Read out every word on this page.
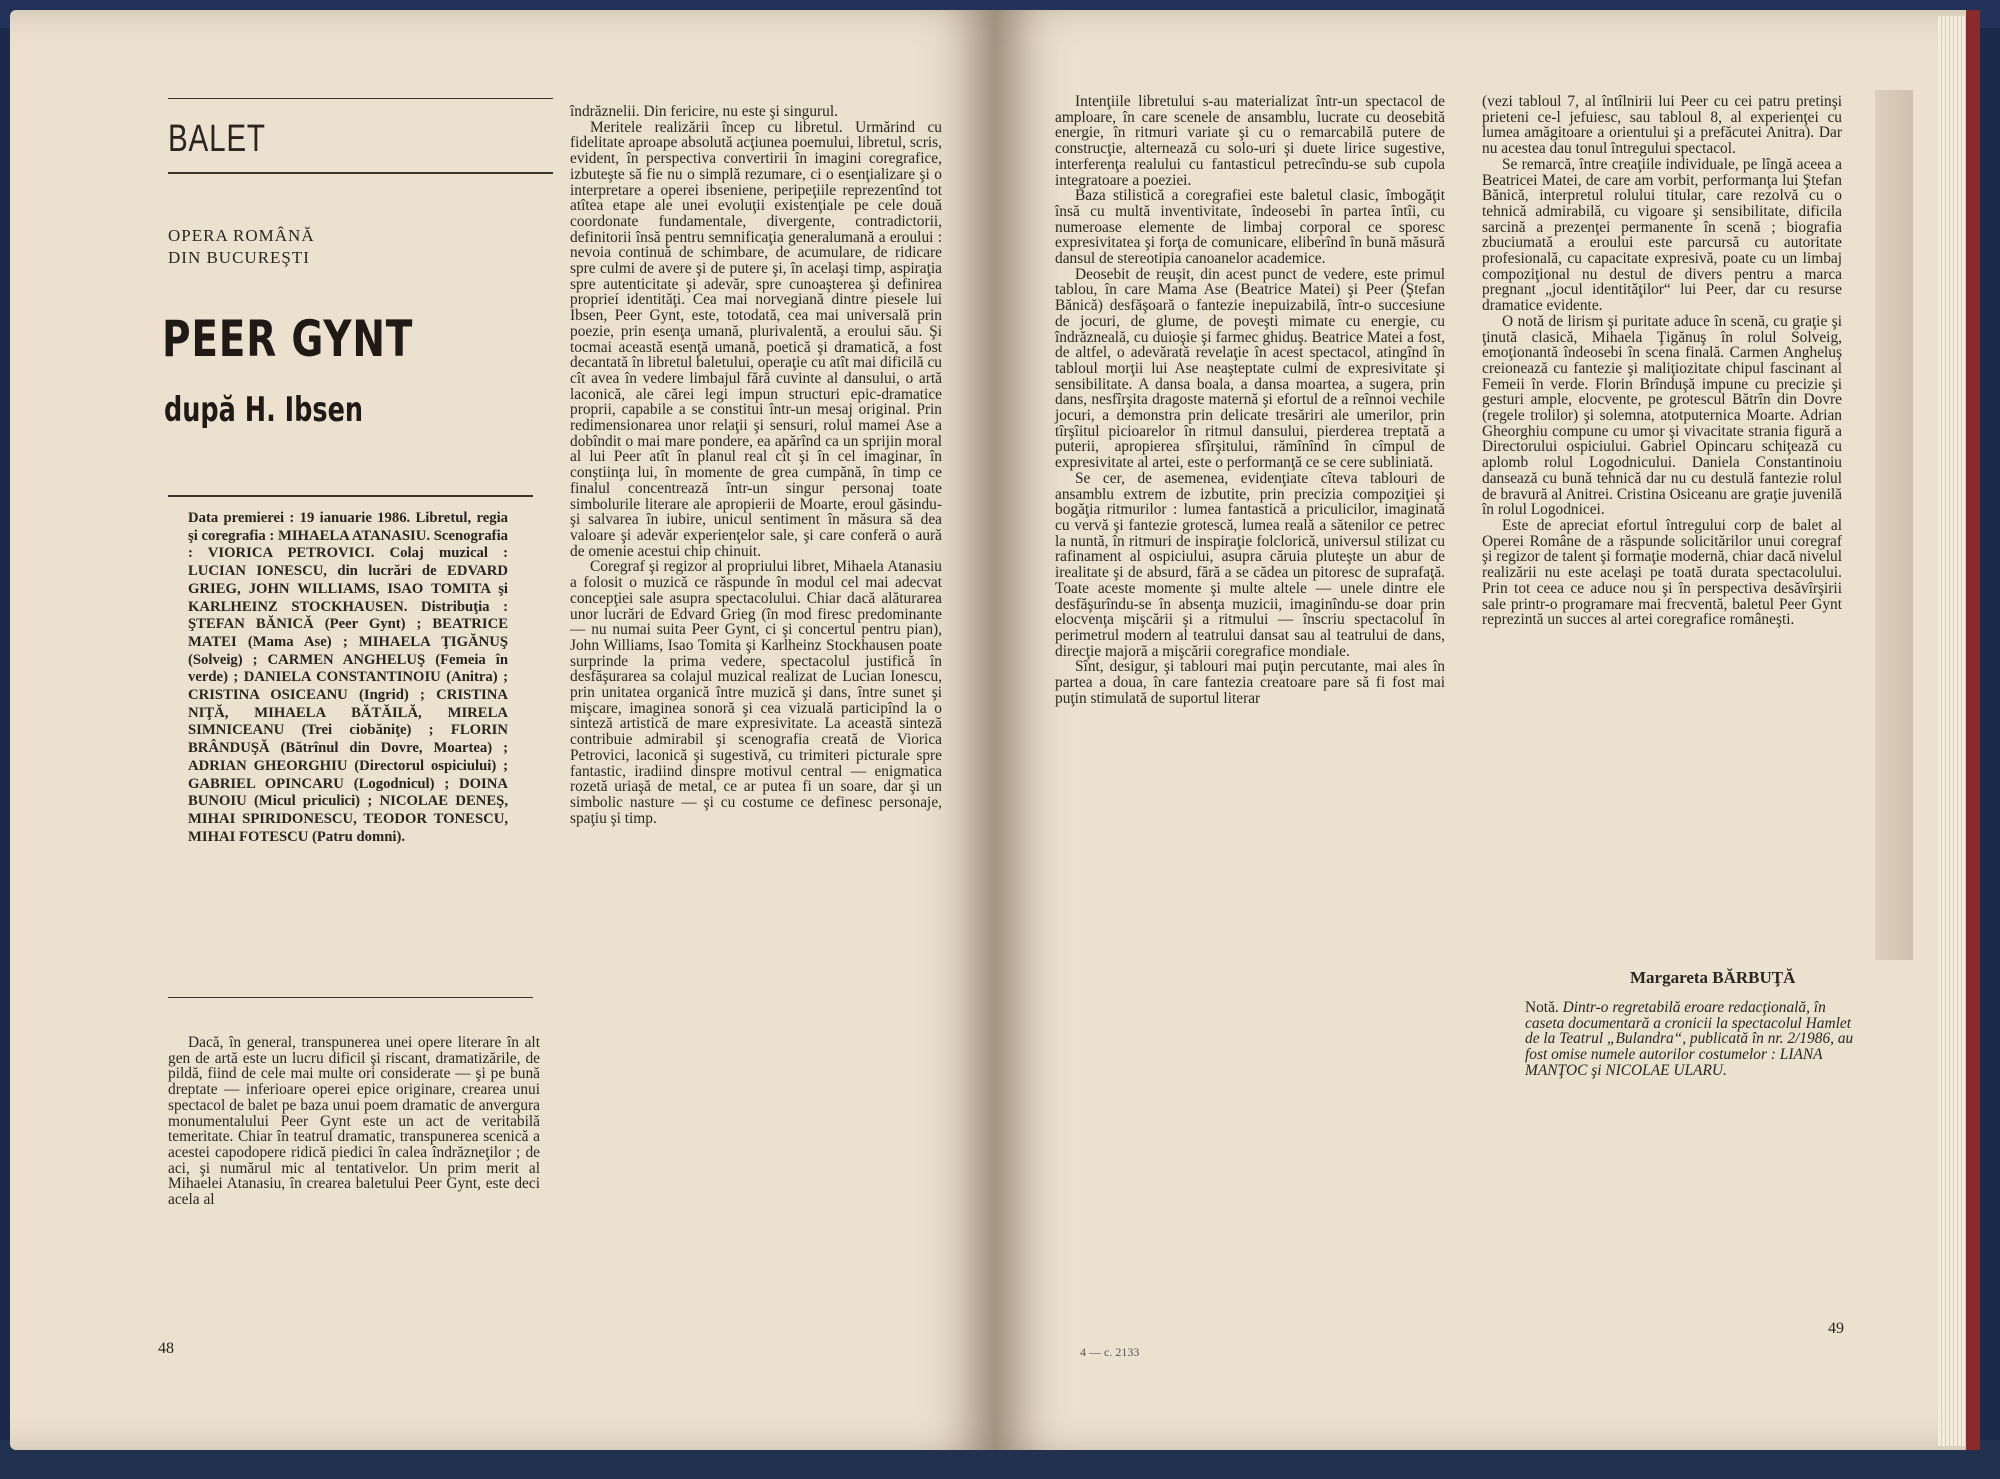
BALET
OPERA ROMÂNĂ DIN BUCUREŞTI
PEER GYNT
după H. Ibsen
Data premierei : 19 ianuarie 1986. Libretul, regia şi coregrafia : MIHAELA ATANASIU. Scenografia : VIORICA PETROVICI. Colaj muzical : LUCIAN IONESCU, din lucrări de EDVARD GRIEG, JOHN WILLIAMS, ISAO TOMITA şi KARLHEINZ STOCKHAUSEN. Distribuţia : ŞTEFAN BĂNICĂ (Peer Gynt) ; BEATRICE MATEI (Mama Ase) ; MIHAELA ŢIGĂNUŞ (Solveig) ; CARMEN ANGHELUŞ (Femeia în verde) ; DANIELA CONSTANTINOIU (Anitra) ; CRISTINA OSICEANU (Ingrid) ; CRISTINA NIŢĂ, MIHAELA BĂTĂILĂ, MIRELA SIMNICEANU (Trei ciobăniţe) ; FLORIN BRÂNDUŞĂ (Bătrînul din Dovre, Moartea) ; ADRIAN GHEORGHIU (Directorul ospiciului) ; GABRIEL OPINCARU (Logodnicul) ; DOINA BUNOIU (Micul priculici) ; NICOLAE DENEŞ, MIHAI SPIRIDONESCU, TEODOR TONESCU, MIHAI FOTESCU (Patru domni).

Dacă, în general, transpunerea unei opere literare în alt gen de artă este un lucru dificil şi riscant, dramatizările, de pildă, fiind de cele mai multe ori considerate — şi pe bună dreptate — inferioare operei epice originare, crearea unui spectacol de balet pe baza unui poem dramatic de anvergura monumentalului Peer Gynt este un act de veritabilă temeritate. Chiar în teatrul dramatic, transpunerea scenică a acestei capodopere ridică piedici în calea îndrăzneţilor ; de aci, şi numărul mic al tentativelor. Un prim merit al Mihaelei Atanasiu, în crearea baletului Peer Gynt, este deci acela al

îndrăznelii. Din fericire, nu este şi singurul.

Meritele realizării încep cu libretul. Urmărind cu fidelitate aproape absolută acţiunea poemului, libretul, scris, evident, în perspectiva convertirii în imagini coregrafice, izbuteşte să fie nu o simplă rezumare, ci o esenţializare şi o interpretare a operei ibseniene, peripeţiile reprezentînd tot atîtea etape ale unei evoluţii existenţiale pe cele două coordonate fundamentale, divergente, contradictorii, definitorii însă pentru semnificaţia generalumană a eroului : nevoia continuă de schimbare, de acumulare, de ridicare spre culmi de avere şi de putere şi, în acelaşi timp, aspiraţia spre autenticitate şi adevăr, spre cunoaşterea şi definirea proprieí identităţi. Cea mai norvegiană dintre piesele lui Ibsen, Peer Gynt, este, totodată, cea mai universală prin poezie, prin esenţa umană, plurivalentă, a eroului său. Şi tocmai această esenţă umană, poetică şi dramatică, a fost decantată în libretul baletului, operaţie cu atît mai dificilă cu cît avea în vedere limbajul fără cuvinte al dansului, o artă laconică, ale cărei legi impun structuri epic-dramatice proprii, capabile a se constitui într-un mesaj original. Prin redimensionarea unor relaţii şi sensuri, rolul mamei Ase a dobîndit o mai mare pondere, ea apărînd ca un sprijin moral al lui Peer atît în planul real cît şi în cel imaginar, în conştiinţa lui, în momente de grea cumpănă, în timp ce finalul concentrează într-un singur personaj toate simbolurile literare ale apropierii de Moarte, eroul găsindu-şi salvarea în iubire, unicul sentiment în măsura să dea valoare şi adevăr experienţelor sale, şi care conferă o aură de omenie acestui chip chinuit.

Coregraf şi regizor al propriului libret, Mihaela Atanasiu a folosit o muzică ce răspunde în modul cel mai adecvat concepţiei sale asupra spectacolului. Chiar dacă alăturarea unor lucrări de Edvard Grieg (în mod firesc predominante — nu numai suita Peer Gynt, ci şi concertul pentru pian), John Williams, Isao Tomita şi Karlheinz Stockhausen poate surprinde la prima vedere, spectacolul justifică în desfăşurarea sa colajul muzical realizat de Lucian Ionescu, prin unitatea organică între muzică şi dans, între sunet şi mişcare, imaginea sonoră şi cea vizuală participînd la o sinteză artistică de mare expresivitate. La această sinteză contribuie admirabil şi scenografia creată de Viorica Petrovici, laconică şi sugestivă, cu trimiteri picturale spre fantastic, iradiind dinspre motivul central — enigmatica rozetă uriaşă de metal, ce ar putea fi un soare, dar şi un simbolic nasture — şi cu costume ce definesc personaje, spaţiu şi timp.

48

Intenţiile libretului s-au materializat într-un spectacol de amploare, în care scenele de ansamblu, lucrate cu deosebită energie, în ritmuri variate şi cu o remarcabilă putere de construcţie, alternează cu solo-uri şi duete lirice sugestive, interferenţa realului cu fantasticul petrecîndu-se sub cupola integratoare a poeziei.

Baza stilistică a coregrafiei este baletul clasic, îmbogăţit însă cu multă inventivitate, îndeosebi în partea întîi, cu numeroase elemente de limbaj corporal ce sporesc expresivitatea şi forţa de comunicare, eliberînd în bună măsură dansul de stereotipia canoanelor academice.

Deosebit de reuşit, din acest punct de vedere, este primul tablou, în care Mama Ase (Beatrice Matei) şi Peer (Ştefan Bănică) desfăşoară o fantezie inepuizabilă, într-o succesiune de jocuri, de glume, de poveşti mimate cu energie, cu îndrăzneală, cu duioşie şi farmec ghiduş. Beatrice Matei a fost, de altfel, o adevărată revelaţie în acest spectacol, atingînd în tabloul morţii lui Ase neaşteptate culmi de expresivitate şi sensibilitate. A dansa boala, a dansa moartea, a sugera, prin dans, nesfîrşita dragoste maternă şi efortul de a reînnoi vechile jocuri, a demonstra prin delicate tresăriri ale umerilor, prin tîrşîitul picioarelor în ritmul dansului, pierderea treptată a puterii, apropierea sfîrşitului, rămînînd în cîmpul de expresivitate al artei, este o performanţă ce se cere subliniată.

Se cer, de asemenea, evidenţiate cîteva tablouri de ansamblu extrem de izbutite, prin precizia compoziţiei şi bogăţia ritmurilor : lumea fantastică a priculicilor, imaginată cu vervă şi fantezie grotescă, lumea reală a sătenilor ce petrec la nuntă, în ritmuri de inspiraţie folclorică, universul stilizat cu rafinament al ospiciului, asupra căruia pluteşte un abur de irealitate şi de absurd, fără a se cădea un pitoresc de suprafaţă. Toate aceste momente şi multe altele — unele dintre ele desfăşurîndu-se în absenţa muzicii, imaginîndu-se doar prin elocvenţa mişcării şi a ritmului — înscriu spectacolul în perimetrul modern al teatrului dansat sau al teatrului de dans, direcţie majoră a mişcării coregrafice mondiale.

Sînt, desigur, şi tablouri mai puţin percutante, mai ales în partea a doua, în care fantezia creatoare pare să fi fost mai puţin stimulată de suportul literar

(vezi tabloul 7, al întîlnirii lui Peer cu cei patru pretinşi prieteni ce-l jefuiesc, sau tabloul 8, al experienţei cu lumea amăgitoare a orientului şi a prefăcutei Anitra). Dar nu acestea dau tonul întregului spectacol.

Se remarcă, între creaţiile individuale, pe lîngă aceea a Beatricei Matei, de care am vorbit, performanţa lui Ştefan Bănică, interpretul rolului titular, care rezolvă cu o tehnică admirabilă, cu vigoare şi sensibilitate, dificila sarcină a prezenţei permanente în scenă ; biografia zbuciumată a eroului este parcursă cu autoritate profesională, cu capacitate expresivă, poate cu un limbaj compoziţional nu destul de divers pentru a marca pregnant „jocul identităţilor“ lui Peer, dar cu resurse dramatice evidente.

O notă de lirism şi puritate aduce în scenă, cu graţie şi ţinută clasică, Mihaela Ţigănuş în rolul Solveig, emoţionantă îndeosebi în scena finală. Carmen Angheluş creionează cu fantezie şi maliţiozitate chipul fascinant al Femeii în verde. Florin Brînduşă impune cu precizie şi gesturi ample, elocvente, pe grotescul Bătrîn din Dovre (regele trolilor) şi solemna, atotputernica Moarte. Adrian Gheorghiu compune cu umor şi vivacitate strania figură a Directorului ospiciului. Gabriel Opincaru schiţează cu aplomb rolul Logodnicului. Daniela Constantinoiu dansează cu bună tehnică dar nu cu destulă fantezie rolul de bravură al Anitrei. Cristina Osiceanu are graţie juvenilă în rolul Logodnicei.

Este de apreciat efortul întregului corp de balet al Operei Române de a răspunde solicitărilor unui coregraf şi regizor de talent şi formaţie modernă, chiar dacă nivelul realizării nu este acelaşi pe toată durata spectacolului. Prin tot ceea ce aduce nou şi în perspectiva desăvîrşirii sale printr-o programare mai frecventă, baletul Peer Gynt reprezintă un succes al artei coregrafice româneşti.

Margareta BĂRBUŢĂ
Notă. Dintr-o regretabilă eroare redacţională, în caseta documentară a cronicii la spectacolul Hamlet de la Teatrul „Bulandra“, publicată în nr. 2/1986, au fost omise numele autorilor costumelor : LIANA MANŢOC şi NICOLAE ULARU.
49
4 — c. 2133
